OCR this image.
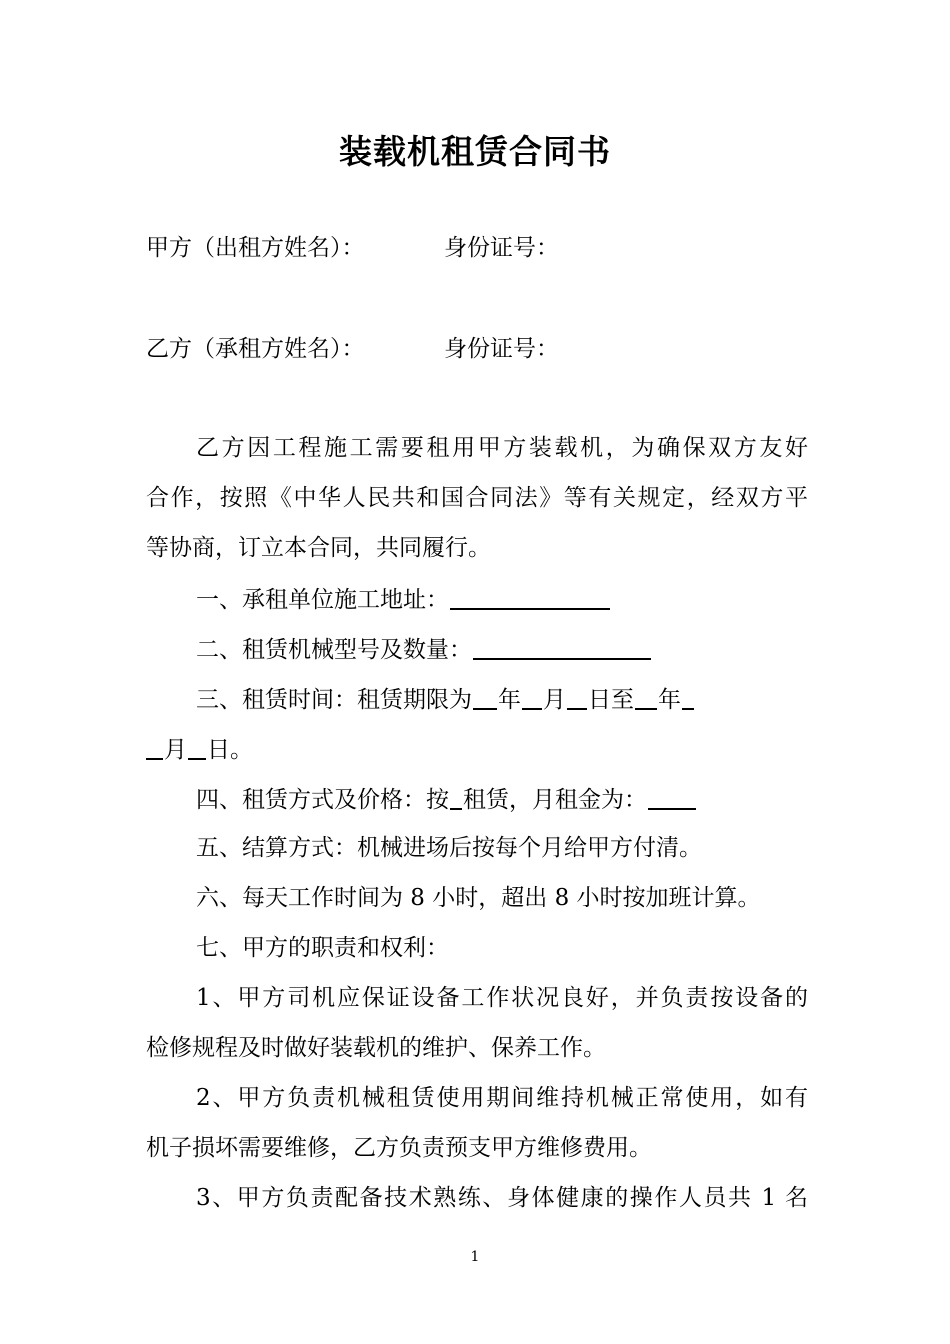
装载机租赁合同书
甲方（出租方姓名）：	身份证号：
乙方（承租方姓名）：	身份证号：
乙方因工程施工需要租用甲方装载机，为确保双方友好
合作，按照《中华人民共和国合同法》等有关规定，经双方平
等协商，订立本合同，共同履行。
一、承租单位施工地址：
二、租赁机械型号及数量：
三、租赁时间：租赁期限为 年 月 日至 年
月 日。
四、租赁方式及价格：按 租赁，月租金为：
五、结算方式：机械进场后按每个月给甲方付清。
六、每天工作时间为 8 小时，超出 8 小时按加班计算。
七、甲方的职责和权利：
1、甲方司机应保证设备工作状况良好，并负责按设备的
检修规程及时做好装载机的维护、保养工作。
2、甲方负责机械租赁使用期间维持机械正常使用，如有
机子损坏需要维修，乙方负责预支甲方维修费用。
3、甲方负责配备技术熟练、身体健康的操作人员共 1 名
1
